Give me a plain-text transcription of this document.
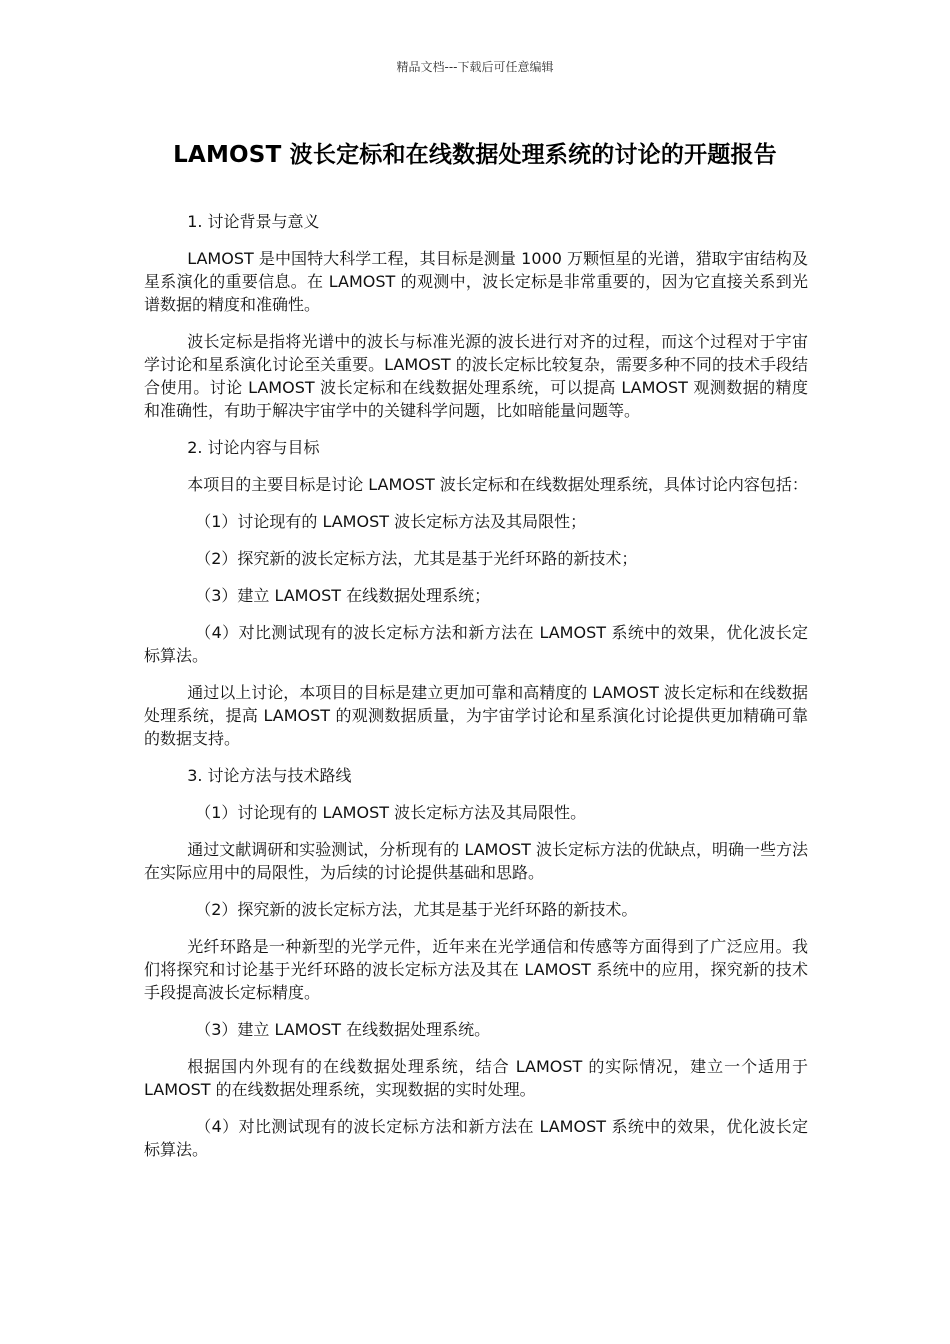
精品文档---下载后可任意编辑
LAMOST 波长定标和在线数据处理系统的讨论的开题报告

1. 讨论背景与意义

LAMOST 是中国特大科学工程，其目标是测量 1000 万颗恒星的光谱，猎取宇宙结构及星系演化的重要信息。在 LAMOST 的观测中，波长定标是非常重要的，因为它直接关系到光谱数据的精度和准确性。

波长定标是指将光谱中的波长与标准光源的波长进行对齐的过程，而这个过程对于宇宙学讨论和星系演化讨论至关重要。LAMOST 的波长定标比较复杂，需要多种不同的技术手段结合使用。讨论 LAMOST 波长定标和在线数据处理系统，可以提高 LAMOST 观测数据的精度和准确性，有助于解决宇宙学中的关键科学问题，比如暗能量问题等。

2. 讨论内容与目标

本项目的主要目标是讨论 LAMOST 波长定标和在线数据处理系统，具体讨论内容包括：

（1）讨论现有的 LAMOST 波长定标方法及其局限性；

（2）探究新的波长定标方法，尤其是基于光纤环路的新技术；

（3）建立 LAMOST 在线数据处理系统；

（4）对比测试现有的波长定标方法和新方法在 LAMOST 系统中的效果，优化波长定标算法。

通过以上讨论，本项目的目标是建立更加可靠和高精度的 LAMOST 波长定标和在线数据处理系统，提高 LAMOST 的观测数据质量，为宇宙学讨论和星系演化讨论提供更加精确可靠的数据支持。

3. 讨论方法与技术路线

（1）讨论现有的 LAMOST 波长定标方法及其局限性。

通过文献调研和实验测试，分析现有的 LAMOST 波长定标方法的优缺点，明确一些方法在实际应用中的局限性，为后续的讨论提供基础和思路。

（2）探究新的波长定标方法，尤其是基于光纤环路的新技术。

光纤环路是一种新型的光学元件，近年来在光学通信和传感等方面得到了广泛应用。我们将探究和讨论基于光纤环路的波长定标方法及其在 LAMOST 系统中的应用，探究新的技术手段提高波长定标精度。

（3）建立 LAMOST 在线数据处理系统。

根据国内外现有的在线数据处理系统，结合 LAMOST 的实际情况，建立一个适用于 LAMOST 的在线数据处理系统，实现数据的实时处理。

（4）对比测试现有的波长定标方法和新方法在 LAMOST 系统中的效果，优化波长定标算法。
